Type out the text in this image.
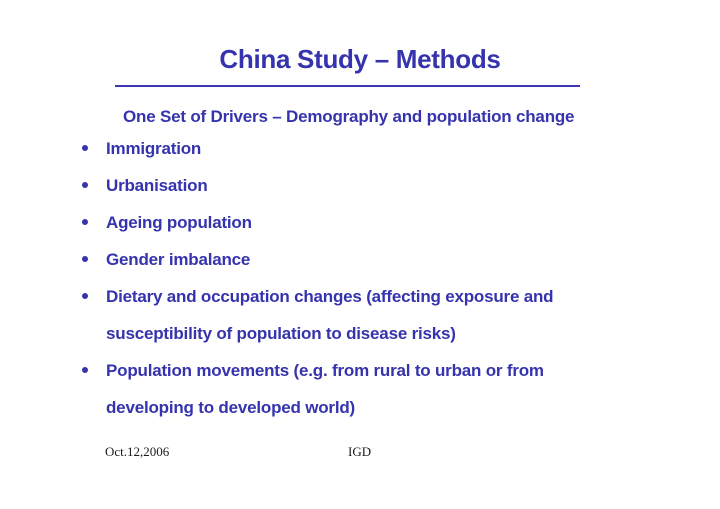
China Study – Methods
One Set of Drivers – Demography and population change
Immigration
Urbanisation
Ageing population
Gender imbalance
Dietary and occupation changes (affecting exposure and susceptibility of population to disease risks)
Population movements (e.g. from rural to urban or from developing to developed world)
Oct.12,2006	IGD
